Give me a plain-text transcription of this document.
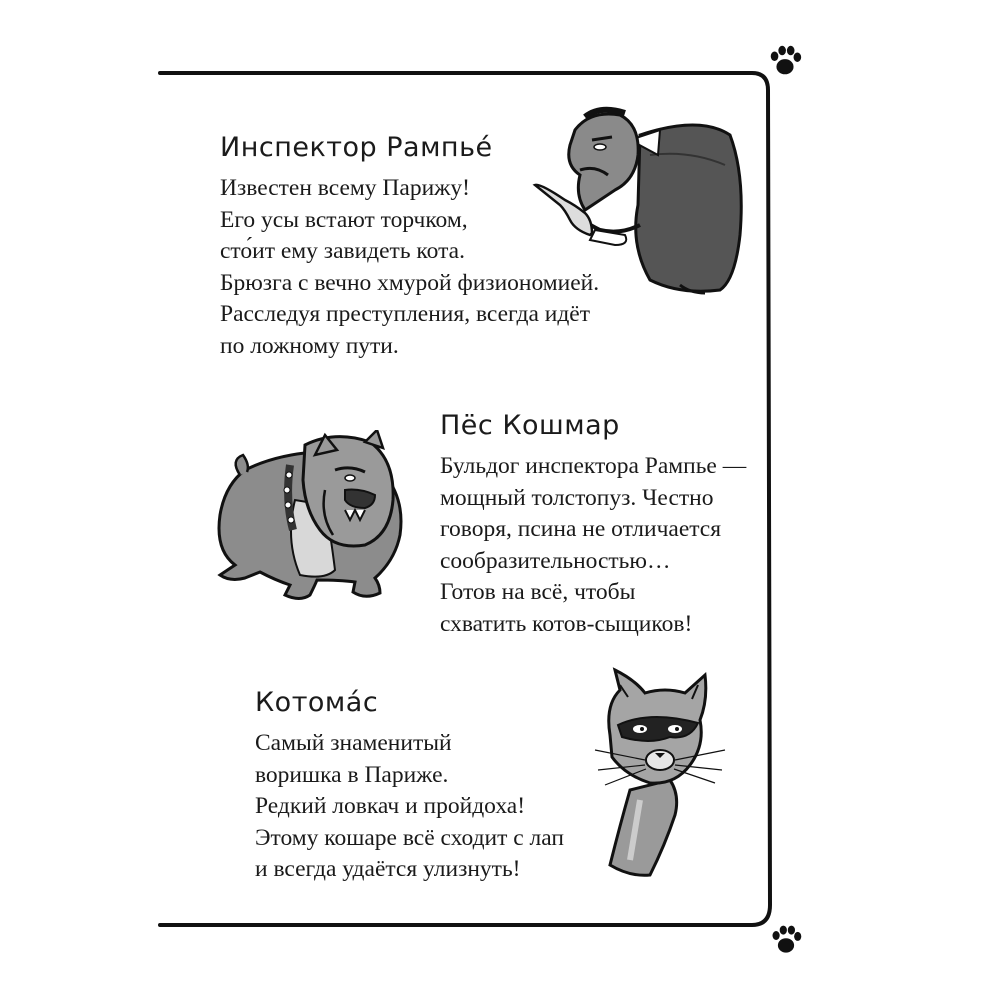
Инспектор Рампьé
Известен всему Парижу!
Его усы встают торчком,
сто́ит ему завидеть кота.
Брюзга с вечно хмурой физиономией.
Расследуя преступления, всегда идёт
по ложному пути.
Пёс Кошмар
Бульдог инспектора Рампье —
мощный толстопуз. Честно
говоря, псина не отличается
сообразительностью…
Готов на всё, чтобы
схватить котов-сыщиков!
Котома́с
Самый знаменитый
воришка в Париже.
Редкий ловкач и пройдоха!
Этому кошаре всё сходит с лап
и всегда удаётся улизнуть!
